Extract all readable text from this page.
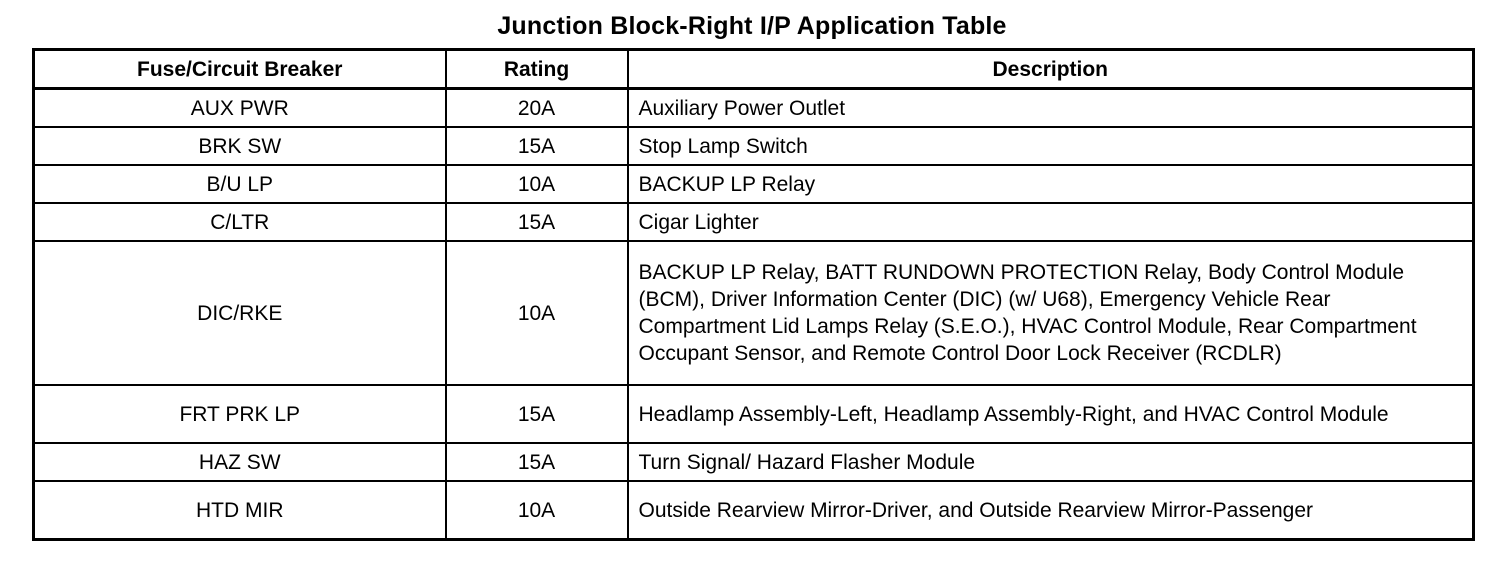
Junction Block-Right I/P Application Table
Fuse/Circuit Breaker	Rating	Description
AUX PWR	20A	Auxiliary Power Outlet
BRK SW	15A	Stop Lamp Switch
B/U LP	10A	BACKUP LP Relay
C/LTR	15A	Cigar Lighter
DIC/RKE	10A	BACKUP LP Relay, BATT RUNDOWN PROTECTION Relay, Body Control Module (BCM), Driver Information Center (DIC) (w/ U68), Emergency Vehicle Rear Compartment Lid Lamps Relay (S.E.O.), HVAC Control Module, Rear Compartment Occupant Sensor, and Remote Control Door Lock Receiver (RCDLR)
FRT PRK LP	15A	Headlamp Assembly-Left, Headlamp Assembly-Right, and HVAC Control Module
HAZ SW	15A	Turn Signal/ Hazard Flasher Module
HTD MIR	10A	Outside Rearview Mirror-Driver, and Outside Rearview Mirror-Passenger
